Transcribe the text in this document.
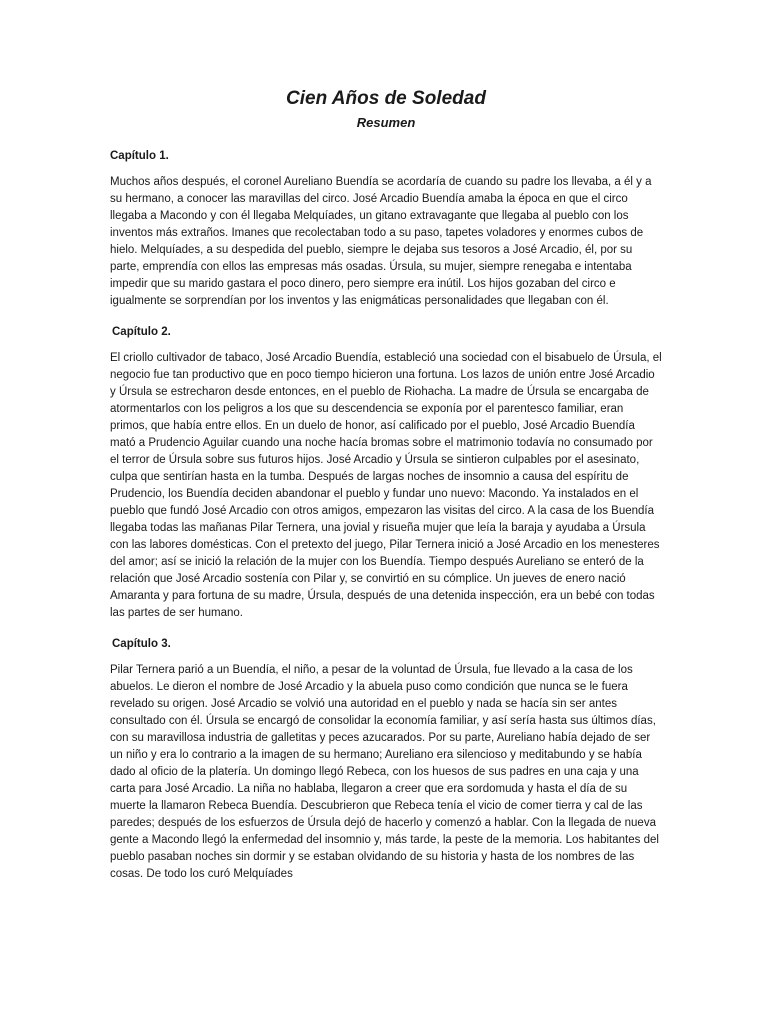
Cien Años de Soledad
Resumen
Capítulo 1.

Muchos años después, el coronel Aureliano Buendía se acordaría de cuando su padre los llevaba, a él y a su hermano, a conocer las maravillas del circo. José Arcadio Buendía amaba la época en que el circo llegaba a Macondo y con él llegaba Melquíades, un gitano extravagante que llegaba al pueblo con los inventos más extraños. Imanes que recolectaban todo a su paso, tapetes voladores y enormes cubos de hielo. Melquíades, a su despedida del pueblo, siempre le dejaba sus tesoros a José Arcadio, él, por su parte, emprendía con ellos las empresas más osadas. Úrsula, su mujer, siempre renegaba e intentaba impedir que su marido gastara el poco dinero, pero siempre era inútil. Los hijos gozaban del circo e igualmente se sorprendían por los inventos y las enigmáticas personalidades que llegaban con él.

Capítulo 2.

El criollo cultivador de tabaco, José Arcadio Buendía, estableció una sociedad con el bisabuelo de Úrsula, el negocio fue tan productivo que en poco tiempo hicieron una fortuna. Los lazos de unión entre José Arcadio y Úrsula se estrecharon desde entonces, en el pueblo de Riohacha. La madre de Úrsula se encargaba de atormentarlos con los peligros a los que su descendencia se exponía por el parentesco familiar, eran primos, que había entre ellos. En un duelo de honor, así calificado por el pueblo, José Arcadio Buendía mató a Prudencio Aguilar cuando una noche hacía bromas sobre el matrimonio todavía no consumado por el terror de Úrsula sobre sus futuros hijos. José Arcadio y Úrsula se sintieron culpables por el asesinato, culpa que sentirían hasta en la tumba. Después de largas noches de insomnio a causa del espíritu de Prudencio, los Buendía deciden abandonar el pueblo y fundar uno nuevo: Macondo. Ya instalados en el pueblo que fundó José Arcadio con otros amigos, empezaron las visitas del circo. A la casa de los Buendía llegaba todas las mañanas Pilar Ternera, una jovial y risueña mujer que leía la baraja y ayudaba a Úrsula con las labores domésticas. Con el pretexto del juego, Pilar Ternera inició a José Arcadio en los menesteres del amor; así se inició la relación de la mujer con los Buendía. Tiempo después Aureliano se enteró de la relación que José Arcadio sostenía con Pilar y, se convirtió en su cómplice. Un jueves de enero nació Amaranta y para fortuna de su madre, Úrsula, después de una detenida inspección, era un bebé con todas las partes de ser humano.

Capítulo 3.

Pilar Ternera parió a un Buendía, el niño, a pesar de la voluntad de Úrsula, fue llevado a la casa de los abuelos. Le dieron el nombre de José Arcadio y la abuela puso como condición que nunca se le fuera revelado su origen. José Arcadio se volvió una autoridad en el pueblo y nada se hacía sin ser antes consultado con él. Úrsula se encargó de consolidar la economía familiar, y así sería hasta sus últimos días, con su maravillosa industria de galletitas y peces azucarados. Por su parte, Aureliano había dejado de ser un niño y era lo contrario a la imagen de su hermano; Aureliano era silencioso y meditabundo y se había dado al oficio de la platería. Un domingo llegó Rebeca, con los huesos de sus padres en una caja y una carta para José Arcadio. La niña no hablaba, llegaron a creer que era sordomuda y hasta el día de su muerte la llamaron Rebeca Buendía. Descubrieron que Rebeca tenía el vicio de comer tierra y cal de las paredes; después de los esfuerzos de Úrsula dejó de hacerlo y comenzó a hablar. Con la llegada de nueva gente a Macondo llegó la enfermedad del insomnio y, más tarde, la peste de la memoria. Los habitantes del pueblo pasaban noches sin dormir y se estaban olvidando de su historia y hasta de los nombres de las cosas. De todo los curó Melquíades
